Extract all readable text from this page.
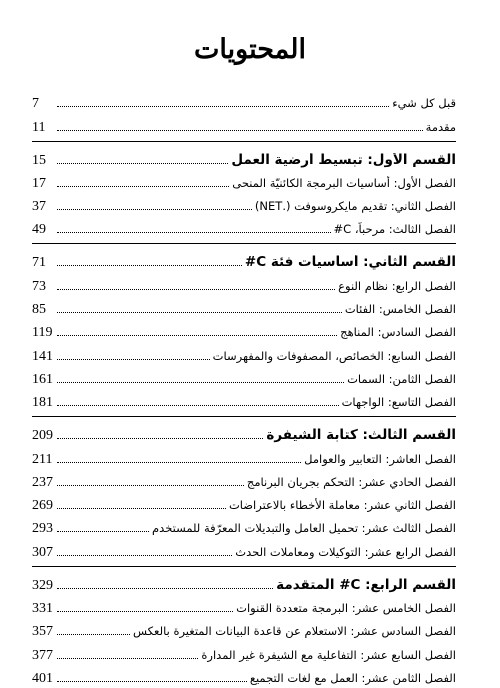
المحتويات
قبل كل شيء
7
مقدمة
11
القسم الأول: تبسيط أرضية العمل
15
الفصل الأول: أساسيات البرمجة الكائنيّة المنحى
17
الفصل الثاني: تقديم مايكروسوفت (.NET)
37
الفصل الثالث: مرحباً، C#
49
القسم الثاني: أساسيات فئة C#
71
الفصل الرابع: نظام النوع
73
الفصل الخامس: الفئات
85
الفصل السادس: المناهج
119
الفصل السابع: الخصائص، المصفوفات والمفهرسات
141
الفصل الثامن: السمات
161
الفصل التاسع: الواجهات
181
القسم الثالث: كتابة الشيفرة
209
الفصل العاشر: التعابير والعوامل
211
الفصل الحادي عشر: التحكم بجريان البرنامج
237
الفصل الثاني عشر: معاملة الأخطاء بالاعتراضات
269
الفصل الثالث عشر: تحميل العامل والتبديلات المعرّفة للمستخدم
293
الفصل الرابع عشر: التوكيلات ومعاملات الحدث
307
القسم الرابع: C# المتقدمة
329
الفصل الخامس عشر: البرمجة متعددة القنوات
331
الفصل السادس عشر: الاستعلام عن قاعدة البيانات المتغيرة بالعكس
357
الفصل السابع عشر: التفاعلية مع الشيفرة غير المدارة
377
الفصل الثامن عشر: العمل مع لغات التجميع
401
